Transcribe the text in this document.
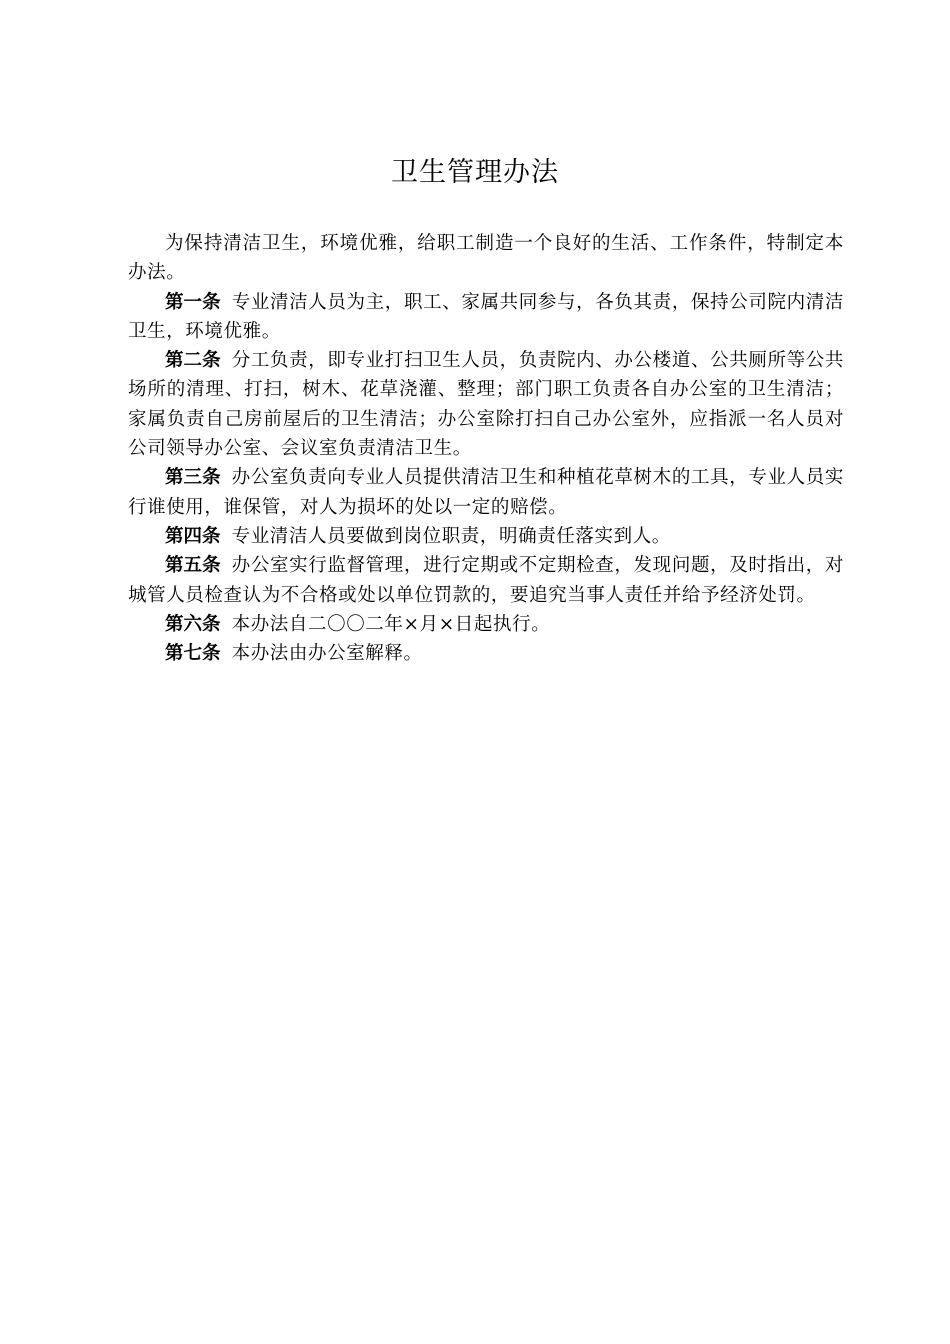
卫生管理办法

为保持清洁卫生，环境优雅，给职工制造一个良好的生活、工作条件，特制定本办法。

第一条 专业清洁人员为主，职工、家属共同参与，各负其责，保持公司院内清洁卫生，环境优雅。

第二条 分工负责，即专业打扫卫生人员，负责院内、办公楼道、公共厕所等公共场所的清理、打扫，树木、花草浇灌、整理；部门职工负责各自办公室的卫生清洁；家属负责自己房前屋后的卫生清洁；办公室除打扫自己办公室外，应指派一名人员对公司领导办公室、会议室负责清洁卫生。

第三条 办公室负责向专业人员提供清洁卫生和种植花草树木的工具，专业人员实行谁使用，谁保管，对人为损坏的处以一定的赔偿。

第四条 专业清洁人员要做到岗位职责，明确责任落实到人。

第五条 办公室实行监督管理，进行定期或不定期检查，发现问题，及时指出，对城管人员检查认为不合格或处以单位罚款的，要追究当事人责任并给予经济处罚。

第六条 本办法自二〇〇二年×月×日起执行。

第七条 本办法由办公室解释。
